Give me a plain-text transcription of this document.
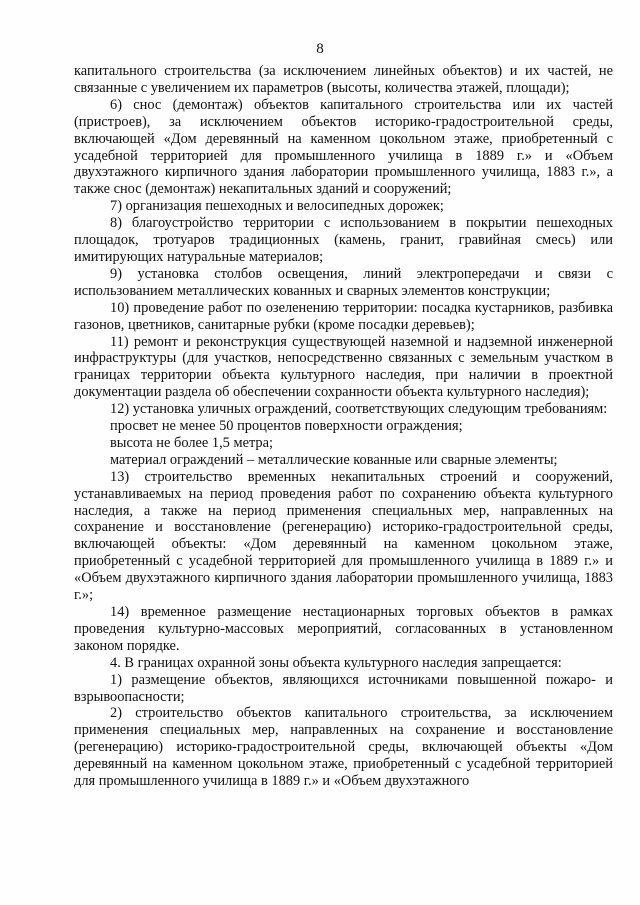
8

капитального строительства (за исключением линейных объектов) и их частей, не связанные с увеличением их параметров (высоты, количества этажей, площади);

6) снос (демонтаж) объектов капитального строительства или их частей (пристроев), за исключением объектов историко-градостроительной среды, включающей «Дом деревянный на каменном цокольном этаже, приобретенный с усадебной территорией для промышленного училища в 1889 г.» и «Объем двухэтажного кирпичного здания лаборатории промышленного училища, 1883 г.», а также снос (демонтаж) некапитальных зданий и сооружений;

7) организация пешеходных и велосипедных дорожек;

8) благоустройство территории с использованием в покрытии пешеходных площадок, тротуаров традиционных (камень, гранит, гравийная смесь) или имитирующих натуральные материалов;

9) установка столбов освещения, линий электропередачи и связи с использованием металлических кованных и сварных элементов конструкции;

10) проведение работ по озеленению территории: посадка кустарников, разбивка газонов, цветников, санитарные рубки (кроме посадки деревьев);

11) ремонт и реконструкция существующей наземной и надземной инженерной инфраструктуры (для участков, непосредственно связанных с земельным участком в границах территории объекта культурного наследия, при наличии в проектной документации раздела об обеспечении сохранности объекта культурного наследия);

12) установка уличных ограждений, соответствующих следующим требованиям:

просвет не менее 50 процентов поверхности ограждения;

высота не более 1,5 метра;

материал ограждений – металлические кованные или сварные элементы;

13) строительство временных некапитальных строений и сооружений, устанавливаемых на период проведения работ по сохранению объекта культурного наследия, а также на период применения специальных мер, направленных на сохранение и восстановление (регенерацию) историко-градостроительной среды, включающей объекты: «Дом деревянный на каменном цокольном этаже, приобретенный с усадебной территорией для промышленного училища в 1889 г.» и «Объем двухэтажного кирпичного здания лаборатории промышленного училища, 1883 г.»;

14) временное размещение нестационарных торговых объектов в рамках проведения культурно-массовых мероприятий, согласованных в установленном законом порядке.

4. В границах охранной зоны объекта культурного наследия запрещается:

1) размещение объектов, являющихся источниками повышенной пожаро- и взрывоопасности;

2) строительство объектов капитального строительства, за исключением применения специальных мер, направленных на сохранение и восстановление (регенерацию) историко-градостроительной среды, включающей объекты «Дом деревянный на каменном цокольном этаже, приобретенный с усадебной территорией для промышленного училища в 1889 г.» и «Объем двухэтажного
